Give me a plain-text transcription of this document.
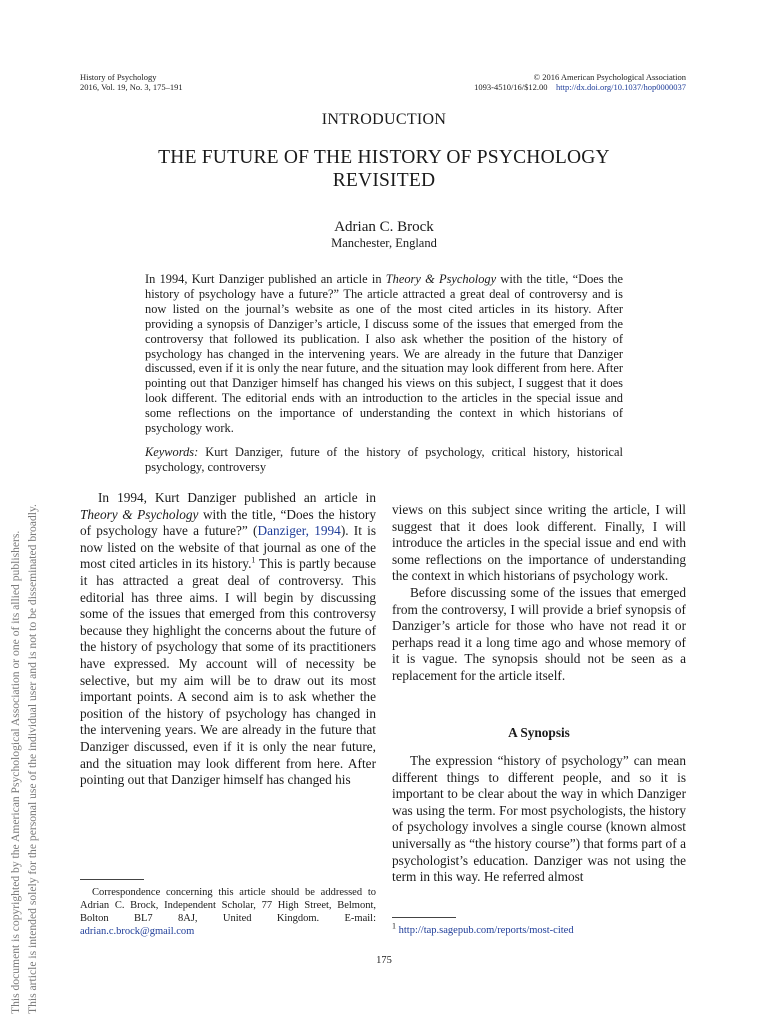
History of Psychology
2016, Vol. 19, No. 3, 175–191
© 2016 American Psychological Association
1093-4510/16/$12.00 http://dx.doi.org/10.1037/hop0000037
INTRODUCTION
THE FUTURE OF THE HISTORY OF PSYCHOLOGY
REVISITED
Adrian C. Brock
Manchester, England

In 1994, Kurt Danziger published an article in Theory & Psychology with the title, “Does the history of psychology have a future?” The article attracted a great deal of controversy and is now listed on the journal’s website as one of the most cited articles in its history. After providing a synopsis of Danziger’s article, I discuss some of the issues that emerged from the controversy that followed its publication. I also ask whether the position of the history of psychology has changed in the intervening years. We are already in the future that Danziger discussed, even if it is only the near future, and the situation may look different from here. After pointing out that Danziger himself has changed his views on this subject, I suggest that it does look different. The editorial ends with an introduction to the articles in the special issue and some reflections on the importance of understanding the context in which historians of psychology work.

Keywords: Kurt Danziger, future of the history of psychology, critical history, historical psychology, controversy

In 1994, Kurt Danziger published an article in Theory & Psychology with the title, “Does the history of psychology have a future?” (Danziger, 1994). It is now listed on the website of that journal as one of the most cited articles in its history.$^1$ This is partly because it has attracted a great deal of controversy. This editorial has three aims. I will begin by discussing some of the issues that emerged from this controversy because they highlight the concerns about the future of the history of psychology that some of its practitioners have expressed. My account will of necessity be selective, but my aim will be to draw out its most important points. A second aim is to ask whether the position of the history of psychology has changed in the intervening years. We are already in the future that Danziger discussed, even if it is only the near future, and the situation may look different from here. After pointing out that Danziger himself has changed his

views on this subject since writing the article, I will suggest that it does look different. Finally, I will introduce the articles in the special issue and end with some reflections on the importance of understanding the context in which historians of psychology work.

Before discussing some of the issues that emerged from the controversy, I will provide a brief synopsis of Danziger’s article for those who have not read it or perhaps read it a long time ago and whose memory of it is vague. The synopsis should not be seen as a replacement for the article itself.

A Synopsis

The expression “history of psychology” can mean different things to different people, and so it is important to be clear about the way in which Danziger was using the term. For most psychologists, the history of psychology involves a single course (known almost universally as “the history course”) that forms part of a psychologist’s education. Danziger was not using the term in this way. He referred almost

Correspondence concerning this article should be addressed to Adrian C. Brock, Independent Scholar, 77 High Street, Belmont, Bolton BL7 8AJ, United Kingdom. E-mail: adrian.c.brock@gmail.com	$^1$ http://tap.sagepub.com/reports/most-cited
175
This document is copyrighted by the American Psychological Association or one of its allied publishers. This article is intended solely for the personal use of the individual user and is not to be disseminated broadly.
